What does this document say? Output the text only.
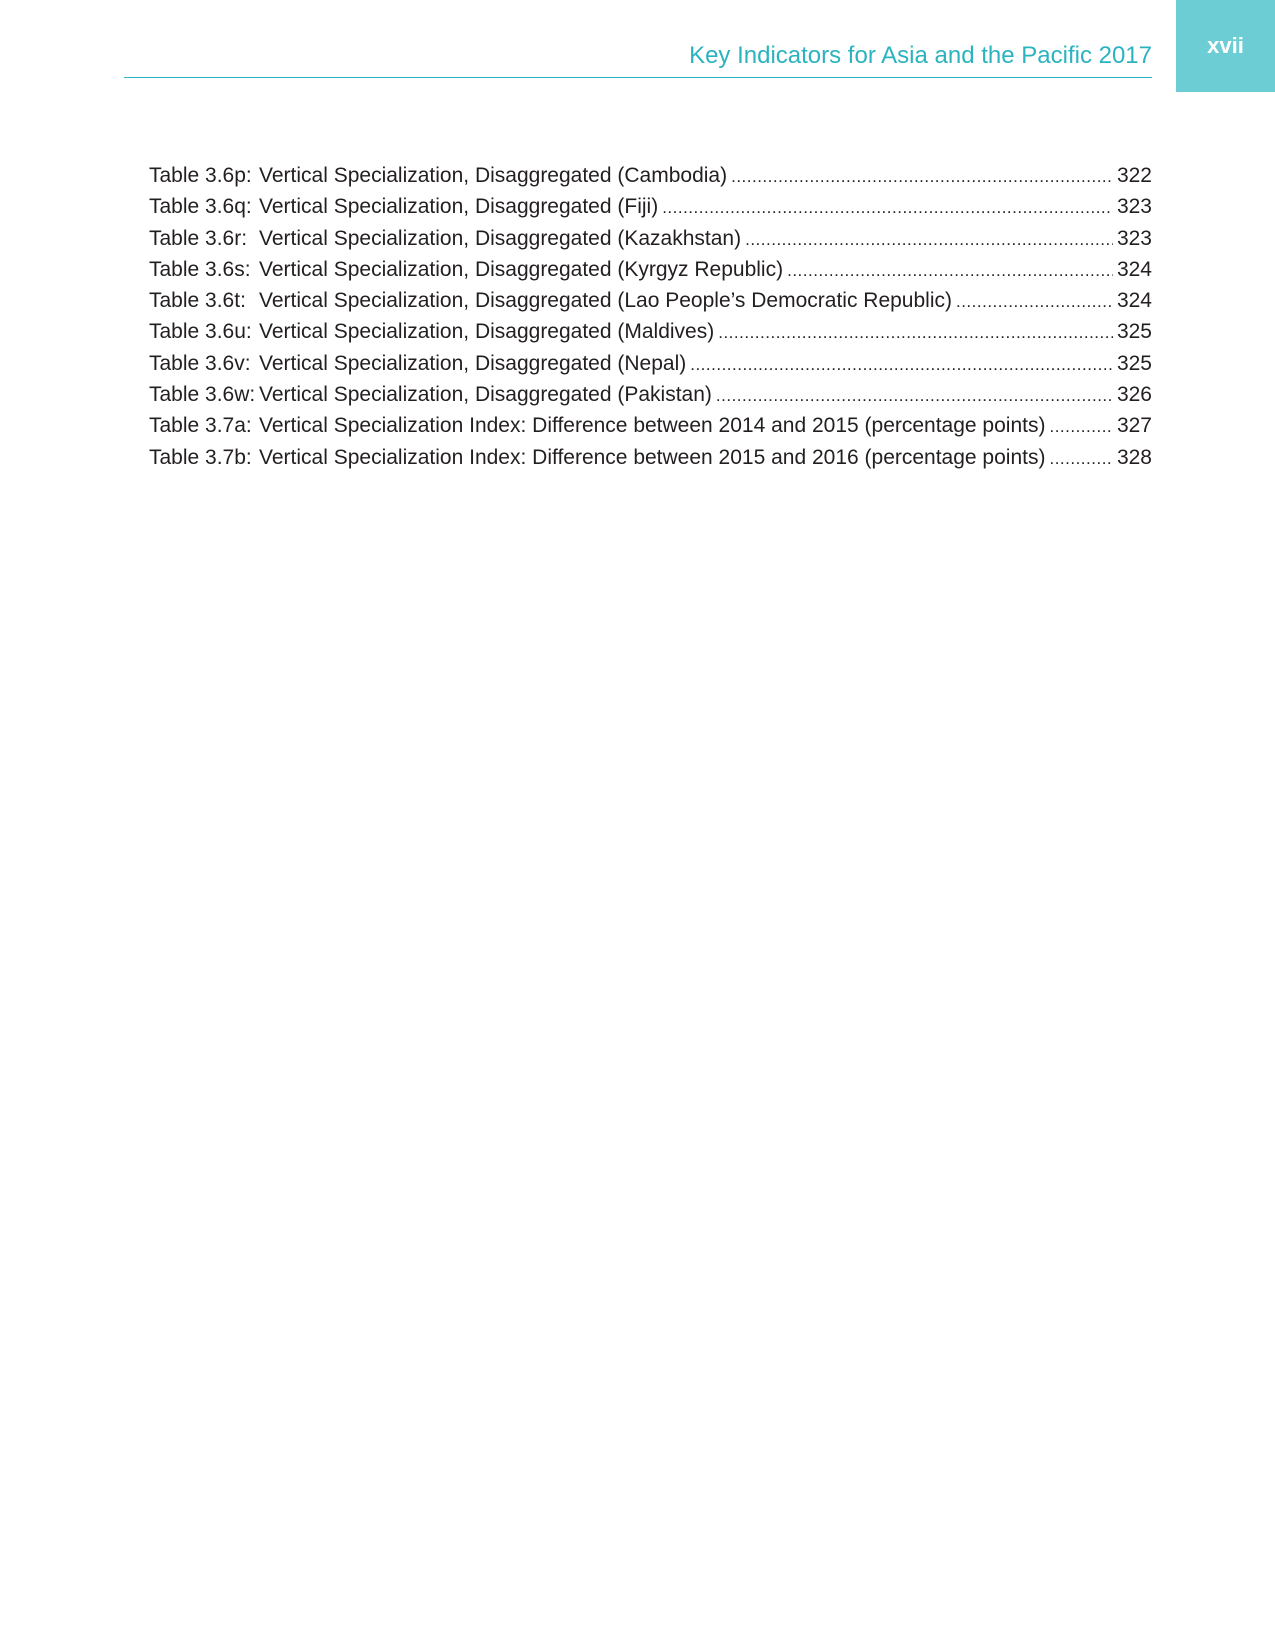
xvii
Key Indicators for Asia and the Pacific 2017
Table 3.6p: Vertical Specialization, Disaggregated (Cambodia) .....	322
Table 3.6q: Vertical Specialization, Disaggregated (Fiji) .....	323
Table 3.6r: Vertical Specialization, Disaggregated (Kazakhstan) .....	323
Table 3.6s: Vertical Specialization, Disaggregated (Kyrgyz Republic) .....	324
Table 3.6t: Vertical Specialization, Disaggregated (Lao People’s Democratic Republic) .....	324
Table 3.6u: Vertical Specialization, Disaggregated (Maldives) .....	325
Table 3.6v: Vertical Specialization, Disaggregated (Nepal) .....	325
Table 3.6w: Vertical Specialization, Disaggregated (Pakistan) .....	326
Table 3.7a: Vertical Specialization Index: Difference between 2014 and 2015 (percentage points) .....	327
Table 3.7b: Vertical Specialization Index: Difference between 2015 and 2016 (percentage points) .....	328
